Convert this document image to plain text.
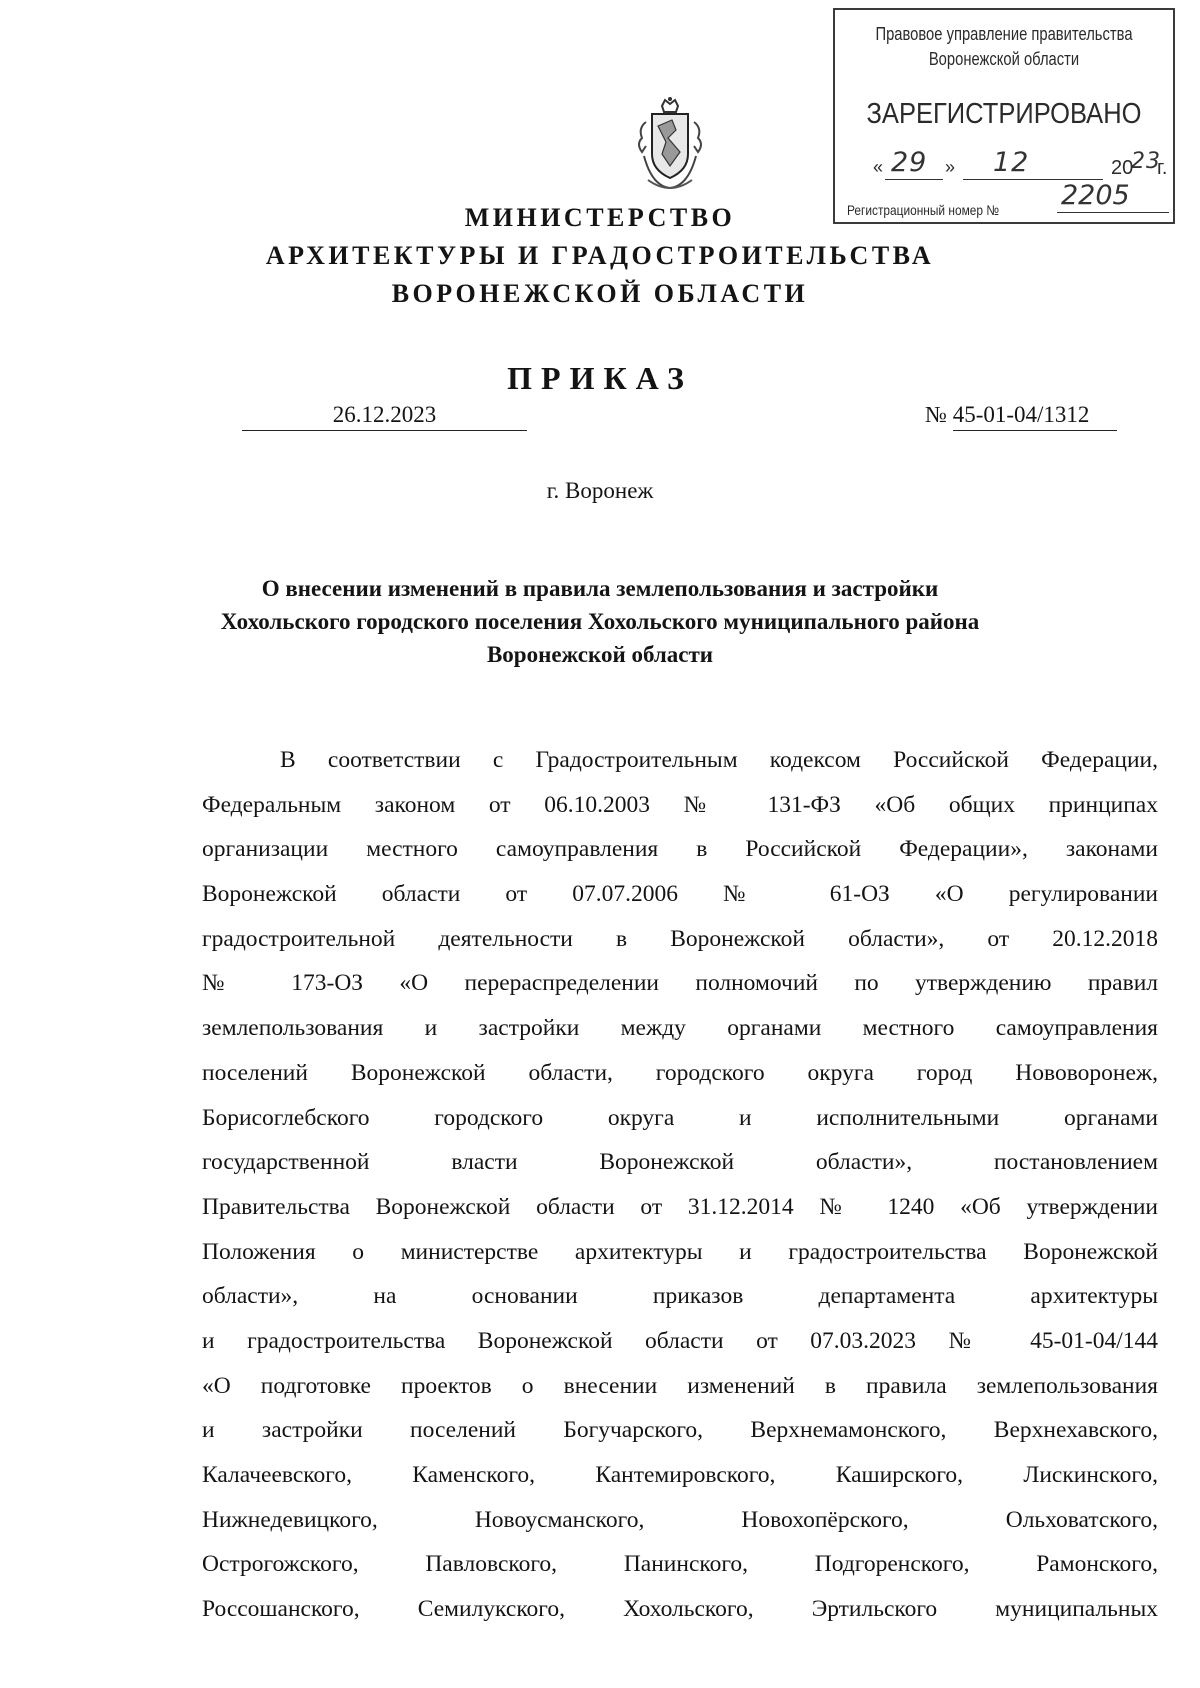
Правовое управление правительства
Воронежской области
ЗАРЕГИСТРИРОВАНО
« 29 » 12	20
23
г.
Регистрационный номер № 2205
МИНИСТЕРСТВО
АРХИТЕКТУРЫ И ГРАДОСТРОИТЕЛЬСТВА
ВОРОНЕЖСКОЙ ОБЛАСТИ
ПРИКАЗ
26.12.2023	№ 45-01-04/1312
г. Воронеж
О внесении изменений в правила землепользования и застройки
Хохольского городского поселения Хохольского муниципального района
Воронежской области
В соответствии с Градостроительным кодексом Российской Федерации,
Федеральным законом от 06.10.2003 № 131-ФЗ «Об общих принципах
организации местного самоуправления в Российской Федерации», законами
Воронежской области от 07.07.2006 № 61-ОЗ «О регулировании
градостроительной деятельности в Воронежской области», от 20.12.2018
№ 173-ОЗ «О перераспределении полномочий по утверждению правил
землепользования и застройки между органами местного самоуправления
поселений Воронежской области, городского округа город Нововоронеж,
Борисоглебского городского округа и исполнительными органами
государственной власти Воронежской области», постановлением
Правительства Воронежской области от 31.12.2014 № 1240 «Об утверждении
Положения о министерстве архитектуры и градостроительства Воронежской
области», на основании приказов департамента архитектуры
и градостроительства Воронежской области от 07.03.2023 № 45-01-04/144
«О подготовке проектов о внесении изменений в правила землепользования
и застройки поселений Богучарского, Верхнемамонского, Верхнехавского,
Калачеевского, Каменского, Кантемировского, Каширского, Лискинского,
Нижнедевицкого, Новоусманского, Новохопёрского, Ольховатского,
Острогожского, Павловского, Панинского, Подгоренского, Рамонского,
Россошанского, Семилукского, Хохольского, Эртильского муниципальных
